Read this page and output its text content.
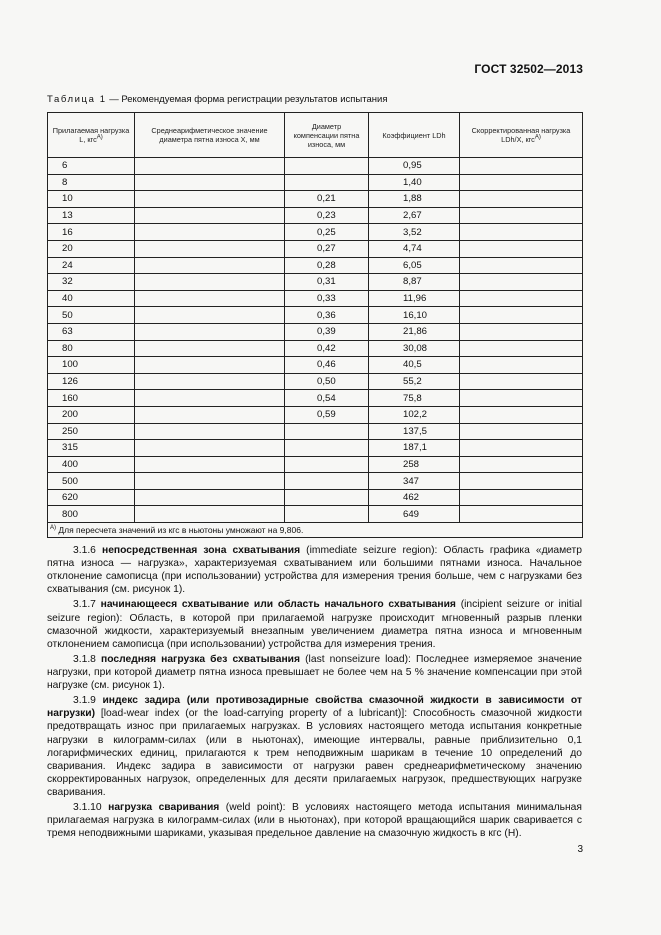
ГОСТ 32502—2013
Таблица 1 — Рекомендуемая форма регистрации результатов испытания
Прилагаемая нагрузка L, кгс$^{A)}$	Среднеарифметическое значение диаметра пятна износа X, мм	Диаметр компенсации пятна износа, мм	Коэффициент LDh	Скорректированная нагрузка LDh/X, кгс$^{A)}$
6			0,95	
8			1,40	
10		0,21	1,88	
13		0,23	2,67	
16		0,25	3,52	
20		0,27	4,74	
24		0,28	6,05	
32		0,31	8,87	
40		0,33	11,96	
50		0,36	16,10	
63		0,39	21,86	
80		0,42	30,08	
100		0,46	40,5	
126		0,50	55,2	
160		0,54	75,8	
200		0,59	102,2	
250			137,5	
315			187,1	
400			258	
500			347	
620			462	
800			649	
$^{A)}$ Для пересчета значений из кгс в ньютоны умножают на 9,806.				

3.1.6 непосредственная зона схватывания (immediate seizure region): Область графика «диаметр пятна износа — нагрузка», характеризуемая схватыванием или большими пятнами износа. Начальное отклонение самописца (при использовании) устройства для измерения трения больше, чем с нагрузками без схватывания (см. рисунок 1).

3.1.7 начинающееся схватывание или область начального схватывания (incipient seizure or initial seizure region): Область, в которой при прилагаемой нагрузке происходит мгновенный разрыв пленки смазочной жидкости, характеризуемый внезапным увеличением диаметра пятна износа и мгновенным отклонением самописца (при использовании) устройства для измерения трения.

3.1.8 последняя нагрузка без схватывания (last nonseizure load): Последнее измеряемое значение нагрузки, при которой диаметр пятна износа превышает не более чем на 5 % значение компенсации при этой нагрузке (см. рисунок 1).

3.1.9 индекс задира (или противозадирные свойства смазочной жидкости в зависимости от нагрузки) [load-wear index (or the load-carrying property of a lubricant)]: Способность смазочной жидкости предотвращать износ при прилагаемых нагрузках. В условиях настоящего метода испытания конкретные нагрузки в килограмм-силах (или в ньютонах), имеющие интервалы, равные приблизительно 0,1 логарифмических единиц, прилагаются к трем неподвижным шарикам в течение 10 определений до сваривания. Индекс задира в зависимости от нагрузки равен среднеарифметическому значению скорректированных нагрузок, определенных для десяти прилагаемых нагрузок, предшествующих нагрузке сваривания.

3.1.10 нагрузка сваривания (weld point): В условиях настоящего метода испытания минимальная прилагаемая нагрузка в килограмм-силах (или в ньютонах), при которой вращающийся шарик сваривается с тремя неподвижными шариками, указывая предельное давление на смазочную жидкость в кгс (Н).

3
